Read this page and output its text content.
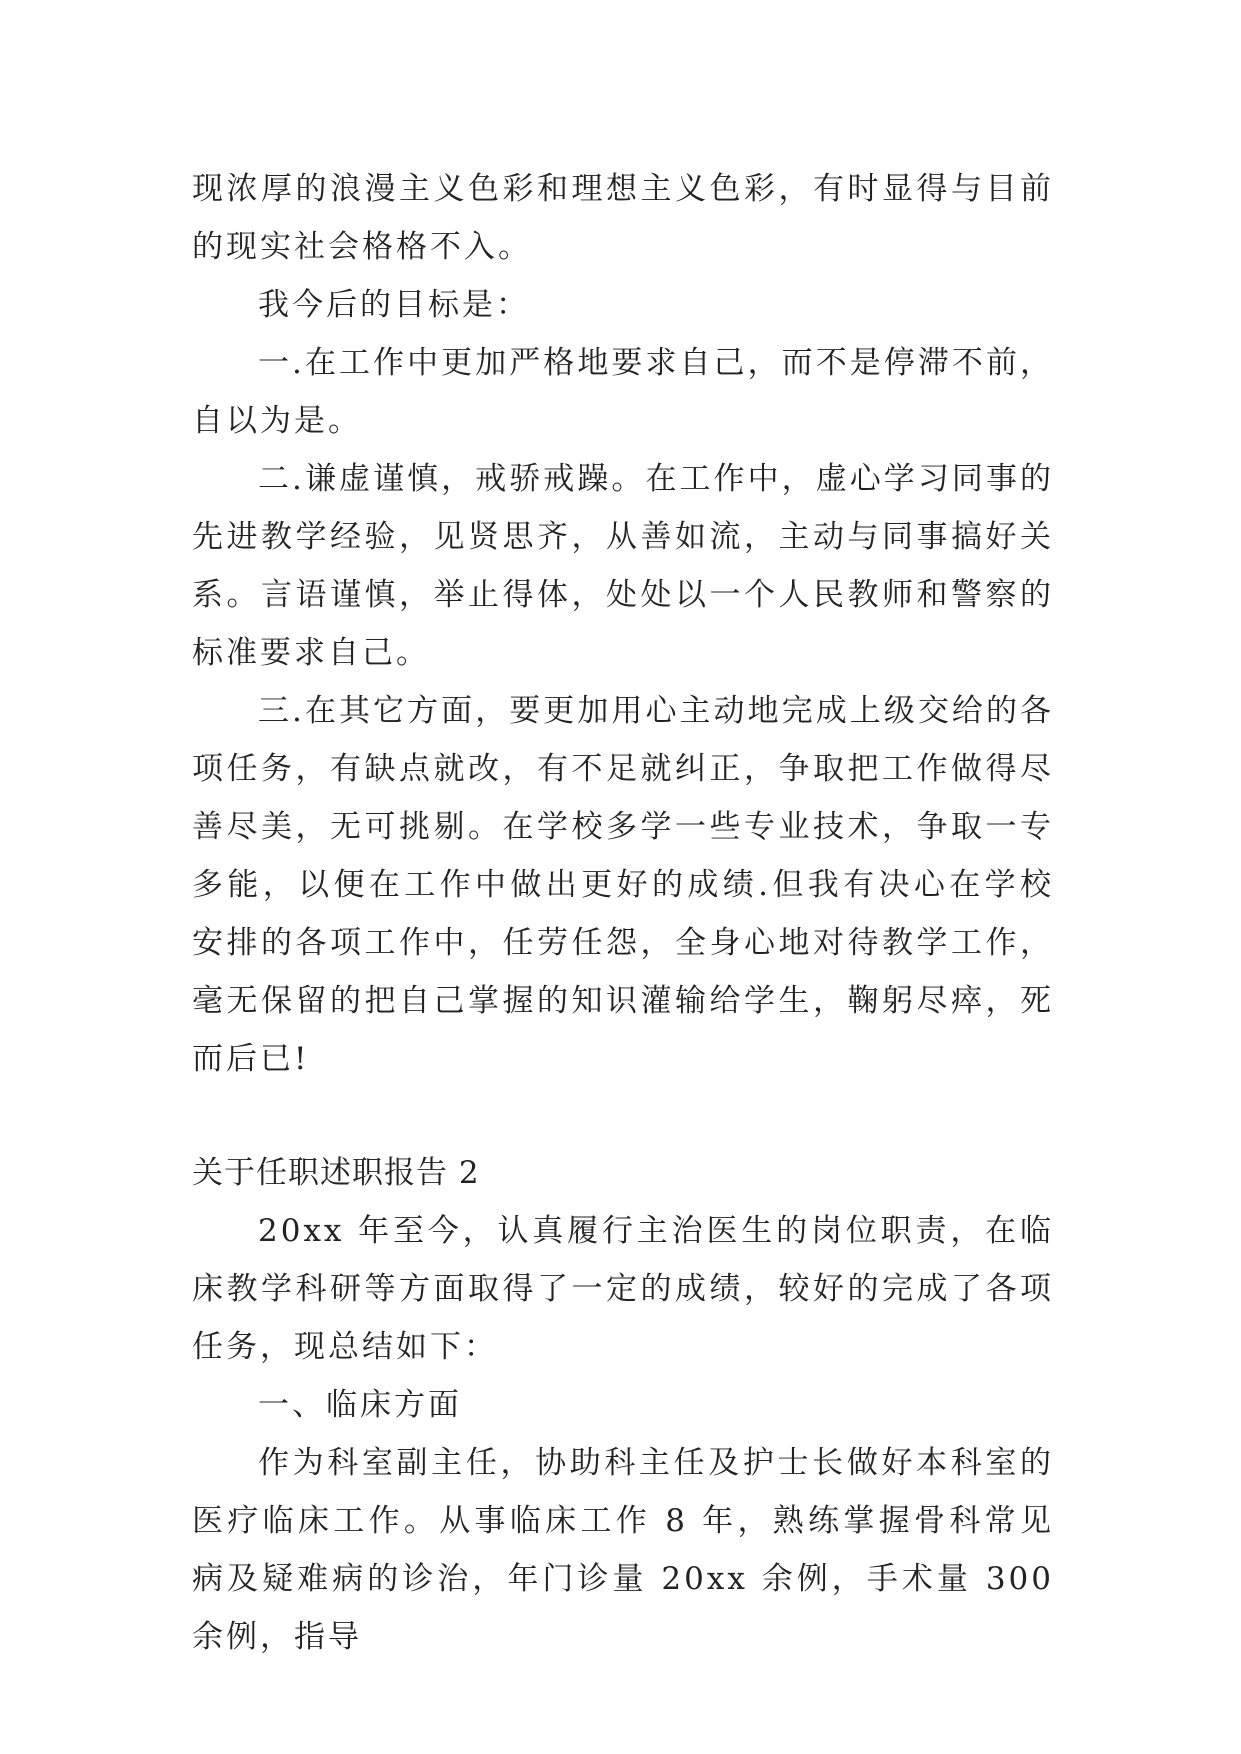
现浓厚的浪漫主义色彩和理想主义色彩，有时显得与目前的现实社会格格不入。

我今后的目标是：

一.在工作中更加严格地要求自己，而不是停滞不前，自以为是。

二.谦虚谨慎，戒骄戒躁。在工作中，虚心学习同事的先进教学经验，见贤思齐，从善如流，主动与同事搞好关系。言语谨慎，举止得体，处处以一个人民教师和警察的标准要求自己。

三.在其它方面，要更加用心主动地完成上级交给的各项任务，有缺点就改，有不足就纠正，争取把工作做得尽善尽美，无可挑剔。在学校多学一些专业技术，争取一专多能，以便在工作中做出更好的成绩.但我有决心在学校安排的各项工作中，任劳任怨，全身心地对待教学工作，毫无保留的把自己掌握的知识灌输给学生，鞠躬尽瘁，死而后已!

关于任职述职报告 2

20xx 年至今，认真履行主治医生的岗位职责，在临床教学科研等方面取得了一定的成绩，较好的完成了各项任务，现总结如下：

一、临床方面

作为科室副主任，协助科主任及护士长做好本科室的医疗临床工作。从事临床工作 8 年，熟练掌握骨科常见病及疑难病的诊治，年门诊量 20xx 余例，手术量 300 余例，指导
